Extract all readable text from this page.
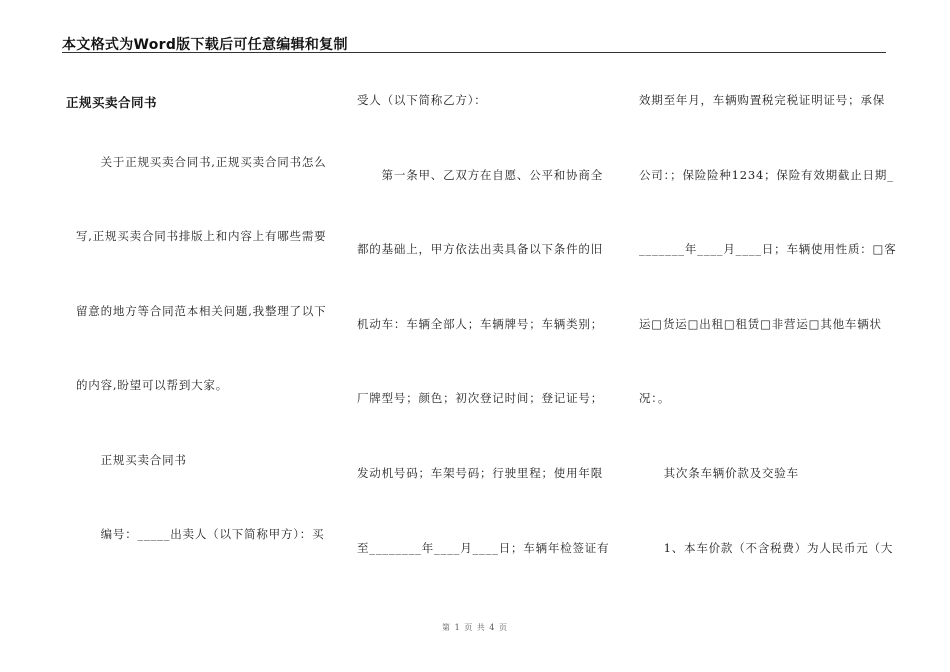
本文格式为Word版下载后可任意编辑和复制
正规买卖合同书
　　关于正规买卖合同书,正规买卖合同书怎么
写,正规买卖合同书排版上和内容上有哪些需要
留意的地方等合同范本相关问题,我整理了以下
的内容,盼望可以帮到大家。
　　正规买卖合同书
　　编号：_____出卖人（以下简称甲方）：买
受人（以下简称乙方）：
　　第一条甲、乙双方在自愿、公平和协商全
都的基础上，甲方依法出卖具备以下条件的旧
机动车：车辆全部人；车辆牌号；车辆类别；
厂牌型号；颜色；初次登记时间；登记证号；
发动机号码；车架号码；行驶里程；使用年限
至________年____月____日；车辆年检签证有
效期至年月，车辆购置税完税证明证号；承保
公司：；保险险种1234；保险有效期截止日期_
_______年____月____日；车辆使用性质：□客
运□货运□出租□租赁□非营运□其他车辆状
况：。
　　其次条车辆价款及交验车
　　1、本车价款（不含税费）为人民币元（大
第 1 页 共 4 页
